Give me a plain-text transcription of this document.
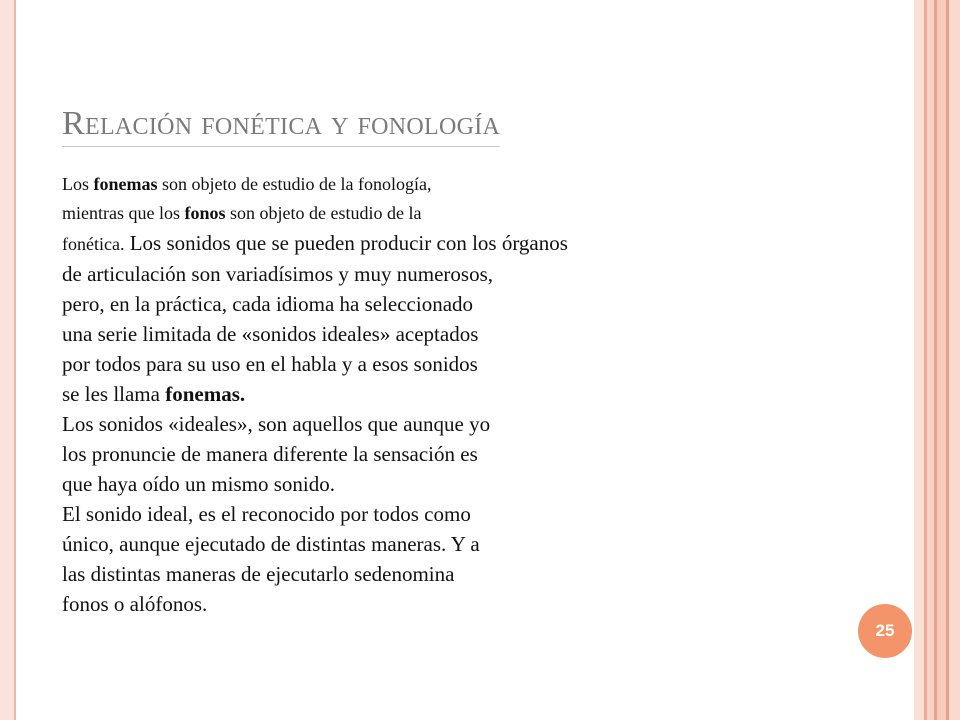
Relación fonética y fonología
Los fonemas son objeto de estudio de la fonología,
mientras que los fonos son objeto de estudio de la
fonética. Los sonidos que se pueden producir con los órganos
de articulación son variadísimos y muy numerosos,
pero, en la práctica, cada idioma ha seleccionado
una serie limitada de «sonidos ideales» aceptados
por todos para su uso en el habla y a esos sonidos
se les llama fonemas.
Los sonidos «ideales», son aquellos que aunque yo
los pronuncie de manera diferente la sensación es
que haya oído un mismo sonido.
El sonido ideal, es el reconocido por todos como
único, aunque ejecutado de distintas maneras. Y a
las distintas maneras de ejecutarlo sedenomina
fonos o alófonos.
25
